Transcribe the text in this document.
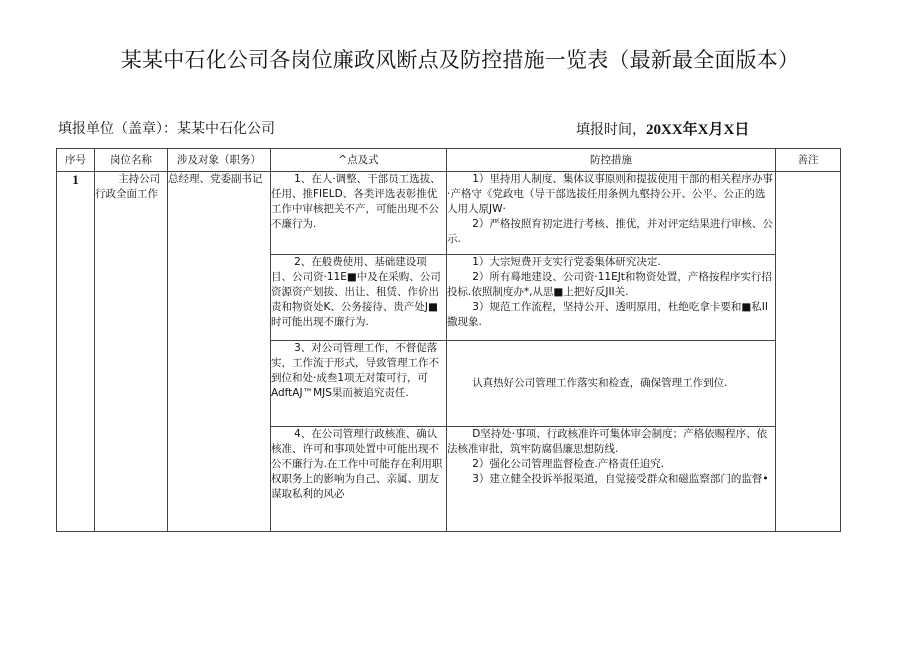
某某中石化公司各岗位廉政风断点及防控措施一览表（最新最全面版本）
填报单位（盖章）：某某中石化公司	填报时间，20XX年X月X日
序号	岗位名称	涉及对象（职务）	^点及式	防控措施	善注
1	主持公司行政全面工作	总经理、党委副书记	1、在人·调整、干部员工选拔、任用、推FIELD、各类评选表彰推优工作中审核把关不产，可能出现不公不廉行为.	1）里持用人制度、集体议事原则和提拔使用干部的相关程序办事·产格守《党政电（导干部选拔任用条例九壑持公开、公平、公正的选人用人原JW·

2）严格按照育初定进行考核、推优，并对评定结果进行审核、公示.	

			2、在般费使用、基础建设项目、公司资·11E■中及在采购、公司资源资产划拔、出让、租赁、作价出责和物资处K、公务接待、贵产处J■时可能出现不廉行为.	1）大宗短费开支实行党委集体研究决定.

2）所有蓦地建设、公司资·11EJt和物资处置，产格按程序实行招投标.依照制度办*,从思■上把好反JII关.

3）规范工作流程，坚持公开、透明原用，杜绝吃拿卡要和■私II撒现象.	

			3、对公司管理工作，不督促落实，工作流于形式，导致管理工作不到位和处·成叁1项无对策可行，可AdftAJ™MJS果而被追究责任.	认真热好公司管理工作落实和检查，确保管理工作到位.	

			4、在公司管理行政核准、确认核准、许可和事项处置中可能出现不公不廉行为.在工作中可能存在利用职权职务上的影响为自己、亲属、朋友谋取私利的风必	D坚持处·事项、行政核准许可集体审会制度；产格依赐程序、依法核准审批，筑牢防腐倡廉思想防线.

2）强化公司管理监督检查.产格责任追究.

3）建立健全投诉举报渠道，自觉接受群众和磁监察部门的监督•	
